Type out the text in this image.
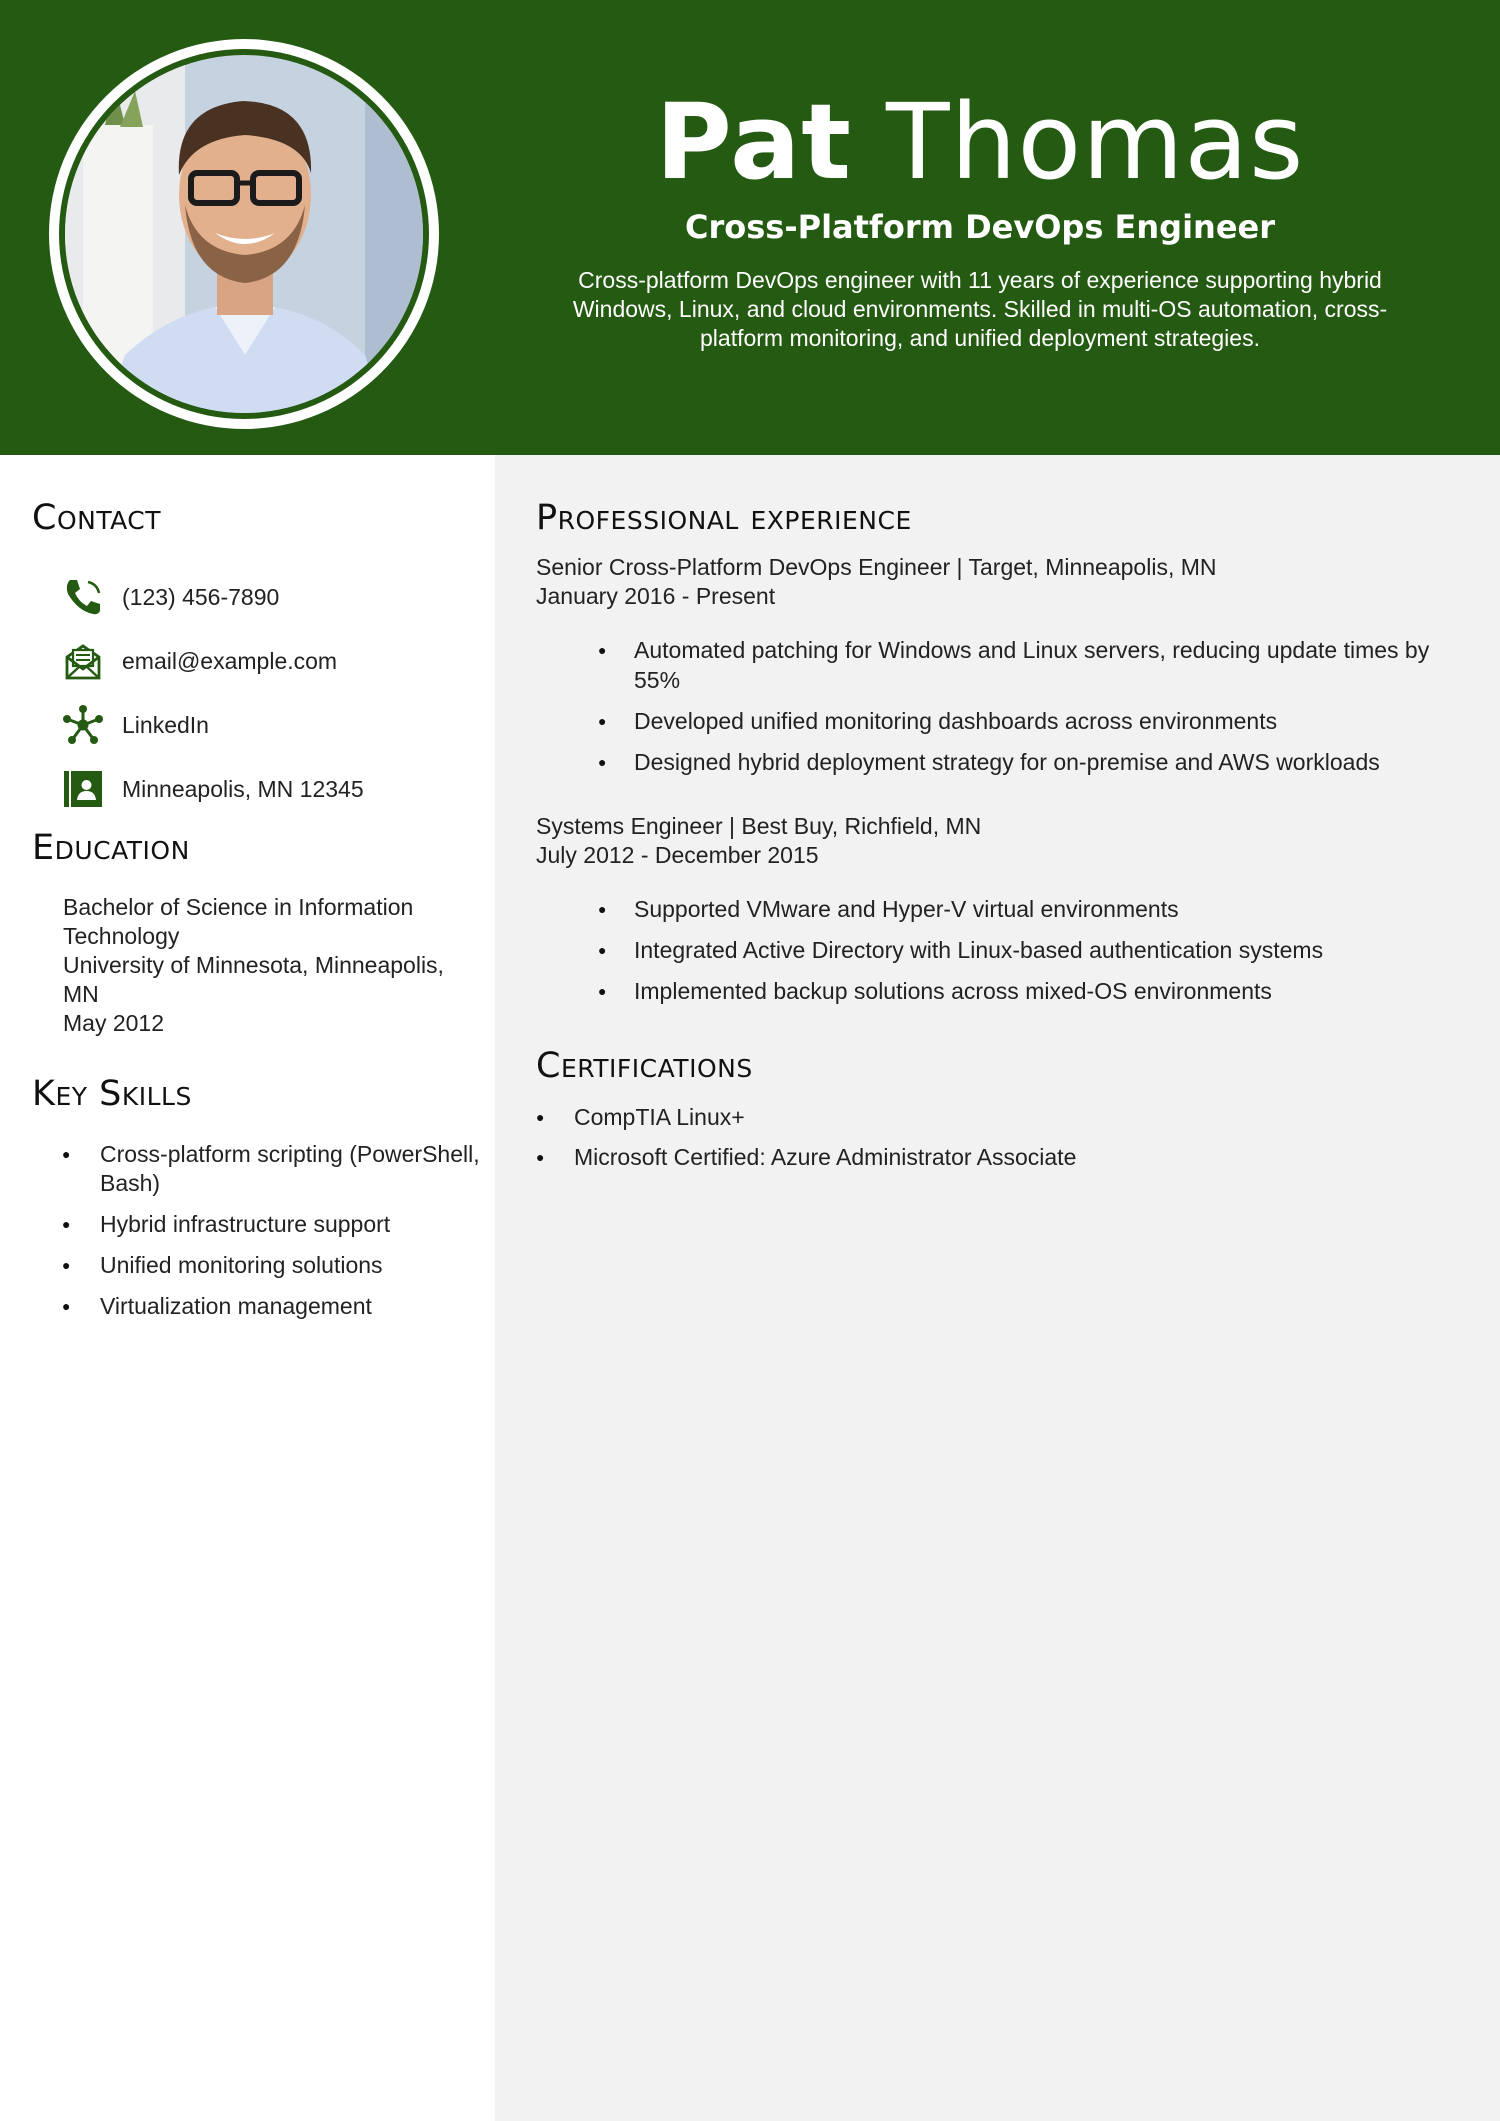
Pat Thomas
Cross-Platform DevOps Engineer
Cross-platform DevOps engineer with 11 years of experience supporting hybrid Windows, Linux, and cloud environments. Skilled in multi-OS automation, cross-platform monitoring, and unified deployment strategies.
Contact
(123) 456-7890
email@example.com
LinkedIn
Minneapolis, MN 12345
Education
Bachelor of Science in Information Technology
University of Minnesota, Minneapolis, MN
May 2012
Key Skills
● Cross-platform scripting (PowerShell, Bash)
● Hybrid infrastructure support
● Unified monitoring solutions
● Virtualization management
Professional experience
Senior Cross-Platform DevOps Engineer | Target, Minneapolis, MN
January 2016 - Present
● Automated patching for Windows and Linux servers, reducing update times by 55%
● Developed unified monitoring dashboards across environments
● Designed hybrid deployment strategy for on-premise and AWS workloads
Systems Engineer | Best Buy, Richfield, MN
July 2012 - December 2015
● Supported VMware and Hyper-V virtual environments
● Integrated Active Directory with Linux-based authentication systems
● Implemented backup solutions across mixed-OS environments
Certifications
● CompTIA Linux+
● Microsoft Certified: Azure Administrator Associate
